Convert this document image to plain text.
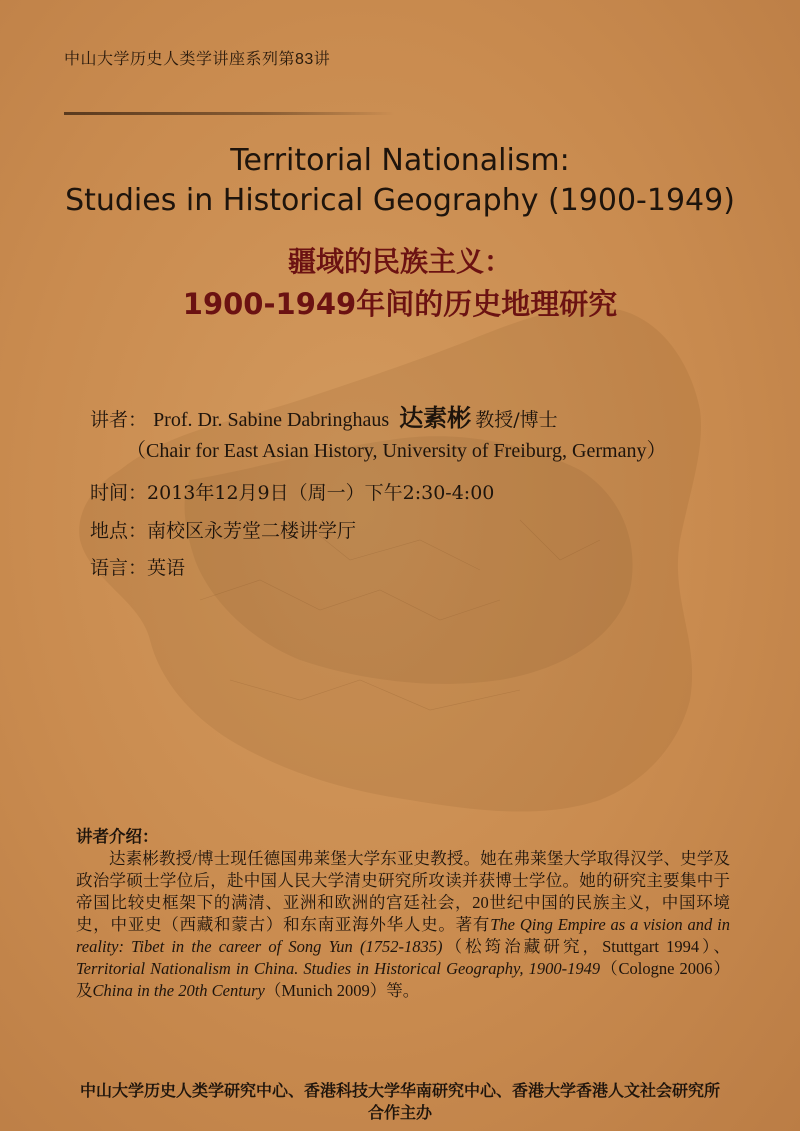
中山大学历史人类学讲座系列第83讲
Territorial Nationalism:
Studies in Historical Geography (1900-1949)
疆域的民族主义：
1900-1949年间的历史地理研究
讲者： Prof. Dr. Sabine Dabringhaus 达素彬 教授/博士
（Chair for East Asian History, University of Freiburg, Germany）
时间：2013年12月9日（周一）下午2:30-4:00
地点：南校区永芳堂二楼讲学厅
语言：英语
讲者介绍：
达素彬教授/博士现任德国弗莱堡大学东亚史教授。她在弗莱堡大学取得汉学、史学及政治学硕士学位后，赴中国人民大学清史研究所攻读并获博士学位。她的研究主要集中于帝国比较史框架下的满清、亚洲和欧洲的宫廷社会，20世纪中国的民族主义，中国环境史，中亚史（西藏和蒙古）和东南亚海外华人史。著有The Qing Empire as a vision and in reality: Tibet in the career of Song Yun (1752-1835)（松筠治藏研究，Stuttgart 1994）、Territorial Nationalism in China. Studies in Historical Geography, 1900-1949（Cologne 2006）及China in the 20th Century（Munich 2009）等。
中山大学历史人类学研究中心、香港科技大学华南研究中心、香港大学香港人文社会研究所
合作主办
